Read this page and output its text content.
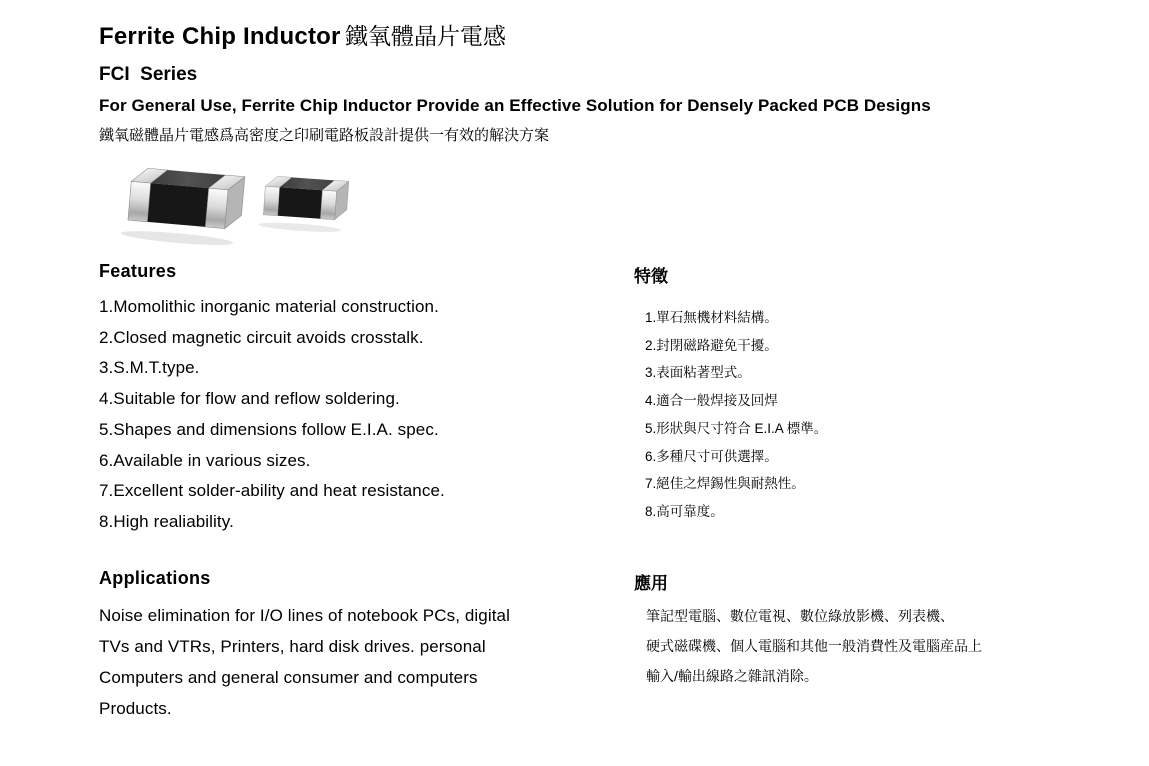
Ferrite Chip Inductor 鐵氧體晶片電感
FCI  Series
For General Use, Ferrite Chip Inductor Provide an Effective Solution for Densely Packed PCB Designs
鐵氧磁體晶片電感爲高密度之印刷電路板設計提供一有效的解決方案
Features
1.Momolithic inorganic material construction.
2.Closed magnetic circuit avoids crosstalk.
3.S.M.T.type.
4.Suitable for flow and reflow soldering.
5.Shapes and dimensions follow E.I.A. spec.
6.Available in various sizes.
7.Excellent solder-ability and heat resistance.
8.High realiability.
特徵
1.單石無機材料結構。
2.封閉磁路避免干擾。
3.表面粘著型式。
4.適合一般焊接及回焊
5.形狀與尺寸符合 E.I.A 標準。
6.多種尺寸可供選擇。
7.絕佳之焊錫性與耐熱性。
8.高可靠度。
Applications
Noise elimination for I/O lines of notebook PCs, digital
TVs and VTRs, Printers, hard disk drives. personal
Computers and general consumer and computers
Products.
應用
筆記型電腦、數位電視、數位綠放影機、列表機、
硬式磁碟機、個人電腦和其他一般消費性及電腦産品上
輸入/輸出線路之雜訊消除。
